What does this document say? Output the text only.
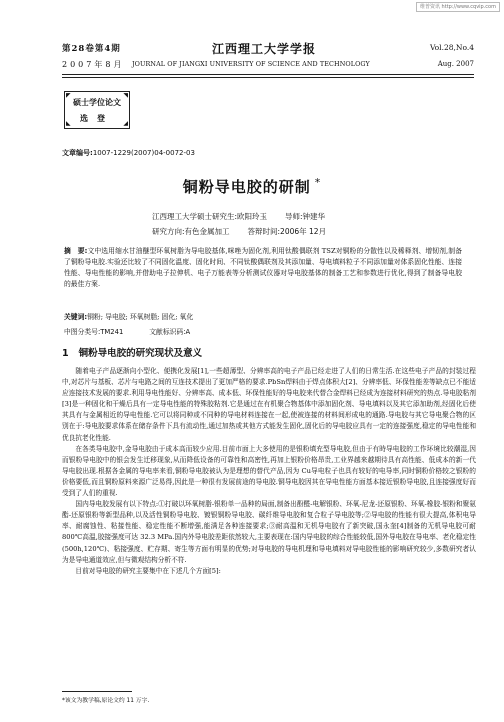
维普资讯 http://www.cqvip.com
第28卷第4期	江西理工大学学报	Vol.28,No.4
2007年8月 JOURNAL OF JIANGXI UNIVERSITY OF SCIENCE AND TECHNOLOGY	Aug. 2007
◤	◥
◣	◢
硕士学位论文
选登
文章编号:1007-1229(2007)04-0072-03
铜粉导电胶的研制 *
江西理工大学硕士研究生:欧阳玲玉 导师:钟建华
研究方向:有色金属加工 答辩时间:2006年 12月
摘　要:文中选用缩水甘油醚型环氧树脂为导电胶基体,咪唑为固化剂,利用钛酸偶联剂 TSZ对铜粉的分散性以及稀释剂、增韧剂,制备了铜粉导电胶.实验还比较了不同固化温度、固化时间、不同钛酸偶联剂及其添加量、导电填料粒子不同添加量对体系固化性能、连接性能、导电性能的影响,并借助电子拉伸机、电子万能表等分析测试仪器对导电胶基体的制备工艺和参数进行优化,得到了制备导电胶的最佳方案.
关键词:铜粉; 导电胶; 环氧树脂; 固化; 氧化
中图分类号:TM241	文献标识码:A
1 铜粉导电胶的研究现状及意义

随着电子产品逐渐向小型化、便携化发展[1],一些超薄型、分辨率高的电子产品已经走进了人们的日常生活.在这些电子产品的封装过程中,对芯片与基板、芯片与电路之间的互连技术提出了更加严格的要求.PbSn焊料由于焊点体积大[2]、分辨率低、环保性能差等缺点已不能适应连接技术发展的要求.利用导电性能好、分辨率高、成本低、环保性能好的导电胶来代替合金焊料已经成为连接材料研究的热点.导电胶粘剂[3]是一种固化和干燥后具有一定导电性能的特殊胶粘剂.它是通过在有机聚合物基体中添加固化剂、导电填料以及其它添加助剂,经固化后使其具有与金属相近的导电性能.它可以将同种或不同种的导电材料连接在一起,使被连接的材料间形成电的通路.导电胶与其它导电聚合物的区别在于:导电胶要求体系在储存条件下具有流动性,通过加热或其他方式能发生固化,固化后的导电胶应具有一定的连接强度,稳定的导电性能和优良抗老化性能.

在各类导电胶中,金导电胶由于成本高而较少应用.目前市面上大多使用的是银粉填充型导电胶,但由于有時导电胶的工作环境比较潮湿,因而银粉导电胶中的银会发生迁移现象,从而降低设备的可靠性和高密性,再加上银粉价格昂贵,工业界越来越期待具有高性能、低成本的新一代导电胶出现.根据各金属的导电率来看,铜粉导电胶被认为是理想的替代产品,因为 Cu导电粒子也具有较好的电导率,同时铜粉价格较之银粉的价格要低,而且铜粉原料来源广泛易得,因此是一种很有发展前途的导电胶.铜导电胶因其在导电性能方面基本接近银粉导电胶,且连接强度好而受到了人们的重视.

国内导电胶发展有以下特点:①打破以环氧树脂-银粉单一品种的局面,制备出酚醛-电解银粉、环氧-尼龙-还原银粉、环氧-橡胶-银粉和聚氨酯-还原银粉等新型品种,以及活性铜粉导电胶、镀银铜粉导电胶、碳纤维导电胶和复合粒子导电胶等;②导电胶的性能有很大提高,体积电导率、耐腐蚀性、粘接性能、稳定性能不断增强,能满足各种连接要求;③耐高温和无机导电胶有了新突破,国永奎[4]制备的无机导电胶可耐800℃高温,胶接强度可达 32.3 MPa.国内外导电胶差距依然较大,主要表现在:国内导电胶的综合性能较低,国外导电胶在导电率、老化稳定性(500h,120℃)、粘接强度、贮存期、寄生等方面有明显的优势;对导电胶的导电机理和导电填料对导电胶性能的影响研究较少,多数研究者认为是导电通道效应,但与微观结构分析不符.

目前对导电胶的研究主要集中在下述几个方面[5]:

*该文为教学稿,原论文约 11 万字.
